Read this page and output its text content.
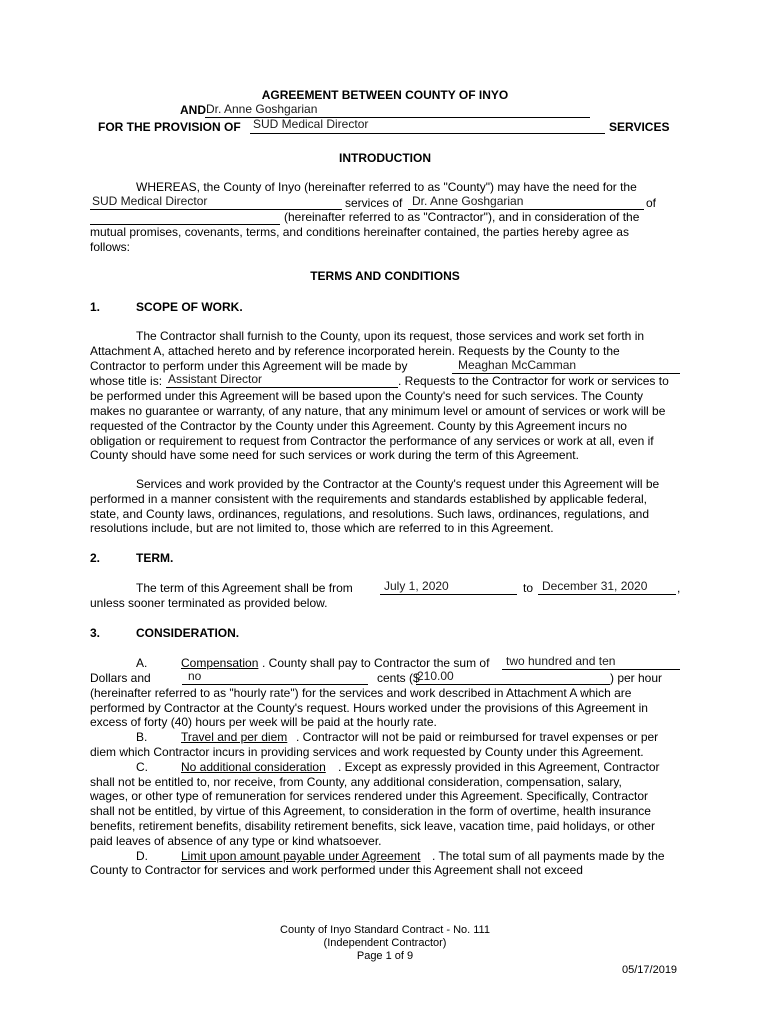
AGREEMENT BETWEEN COUNTY OF INYO
AND Dr. Anne Goshgarian
FOR THE PROVISION OF SUD Medical Director	SERVICES
INTRODUCTION
WHEREAS, the County of Inyo (hereinafter referred to as "County") may have the need for the
SUD Medical Director	services of Dr. Anne Goshgarian	of
(hereinafter referred to as "Contractor"), and in consideration of the
mutual promises, covenants, terms, and conditions hereinafter contained, the parties hereby agree as
follows:
TERMS AND CONDITIONS
1.	SCOPE OF WORK.
The Contractor shall furnish to the County, upon its request, those services and work set forth in
Attachment A, attached hereto and by reference incorporated herein. Requests by the County to the
Contractor to perform under this Agreement will be made by	Meaghan McCamman
whose title is: Assistant Director	. Requests to the Contractor for work or services to
be performed under this Agreement will be based upon the County's need for such services. The County
makes no guarantee or warranty, of any nature, that any minimum level or amount of services or work will be
requested of the Contractor by the County under this Agreement. County by this Agreement incurs no
obligation or requirement to request from Contractor the performance of any services or work at all, even if
County should have some need for such services or work during the term of this Agreement.
Services and work provided by the Contractor at the County's request under this Agreement will be
performed in a manner consistent with the requirements and standards established by applicable federal,
state, and County laws, ordinances, regulations, and resolutions. Such laws, ordinances, regulations, and
resolutions include, but are not limited to, those which are referred to in this Agreement.
2.	TERM.
The term of this Agreement shall be from	July 1, 2020	to December 31, 2020 ,
unless sooner terminated as provided below.
3.	CONSIDERATION.
A.	Compensation . County shall pay to Contractor the sum of two hundred and ten
Dollars and	no	cents ($
210.00	) per hour
(hereinafter referred to as "hourly rate") for the services and work described in Attachment A which are
performed by Contractor at the County's request. Hours worked under the provisions of this Agreement in
excess of forty (40) hours per week will be paid at the hourly rate.
B.	Travel and per diem . Contractor will not be paid or reimbursed for travel expenses or per
diem which Contractor incurs in providing services and work requested by County under this Agreement.
C.	No additional consideration . Except as expressly provided in this Agreement, Contractor
shall not be entitled to, nor receive, from County, any additional consideration, compensation, salary,
wages, or other type of remuneration for services rendered under this Agreement. Specifically, Contractor
shall not be entitled, by virtue of this Agreement, to consideration in the form of overtime, health insurance
benefits, retirement benefits, disability retirement benefits, sick leave, vacation time, paid holidays, or other
paid leaves of absence of any type or kind whatsoever.
D.	Limit upon amount payable under Agreement . The total sum of all payments made by the
County to Contractor for services and work performed under this Agreement shall not exceed
County of Inyo Standard Contract - No. 111
(Independent Contractor)
Page 1 of 9
05/17/2019
